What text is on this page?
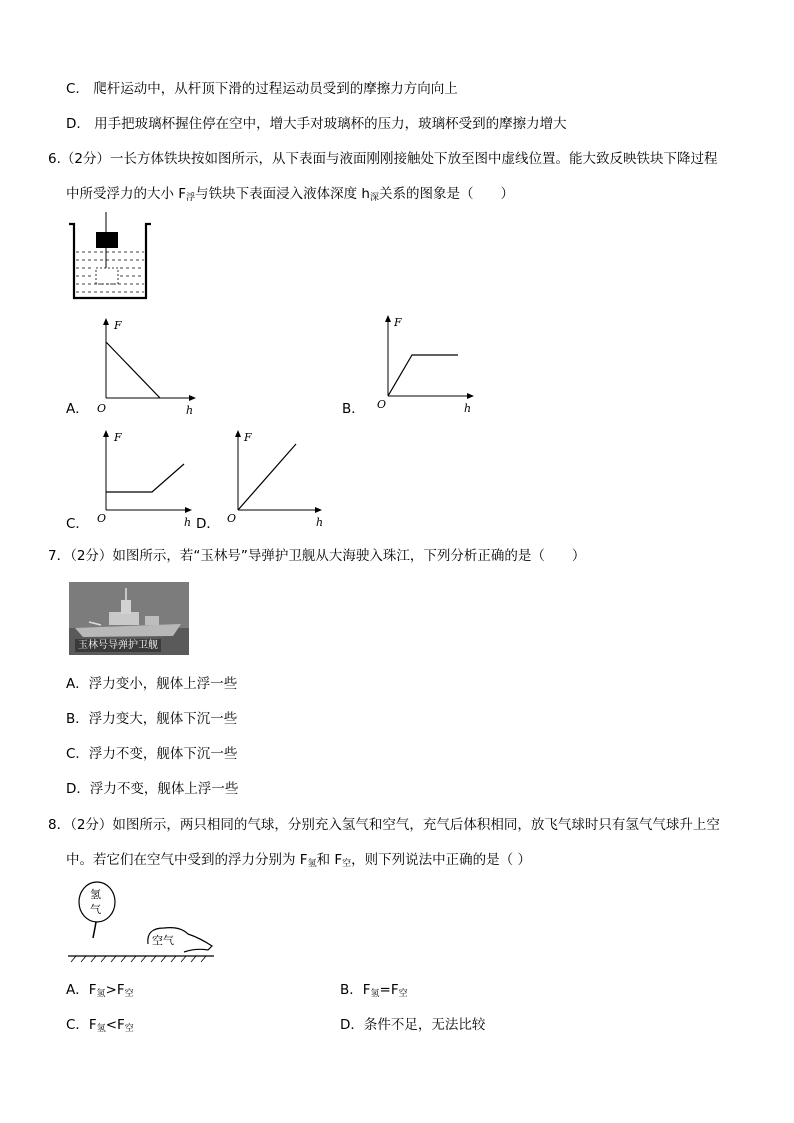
C.　爬杆运动中，从杆顶下滑的过程运动员受到的摩擦力方向向上
D.　用手把玻璃杯握住停在空中，增大手对玻璃杯的压力，玻璃杯受到的摩擦力增大
6.（2分）一长方体铁块按如图所示，从下表面与液面刚刚接触处下放至图中虚线位置。能大致反映铁块下降过程
中所受浮力的大小 $F_浮$与铁块下表面浸入液体深度 $h_深$关系的图象是（　　）
A．
F
O	h	B．
F
O	h
C．
F
O	h D．
F
O	h
7．（2分）如图所示，若“玉林号”导弹护卫舰从大海驶入珠江，下列分析正确的是（　　）
玉林号导弹护卫舰
A．浮力变小，舰体上浮一些
B．浮力变大，舰体下沉一些
C．浮力不变，舰体下沉一些
D．浮力不变，舰体上浮一些
8．（2分）如图所示，两只相同的气球，分别充入氢气和空气，充气后体积相同，放飞气球时只有氢气气球升上空
中。若它们在空气中受到的浮力分别为 $F_氢$和 $F_空$，则下列说法中正确的是（ ）
氢
气
空气
A．$F_氢>F_空$	B．$F_氢=F_空$
C．$F_氢<F_空$	D．条件不足，无法比较
